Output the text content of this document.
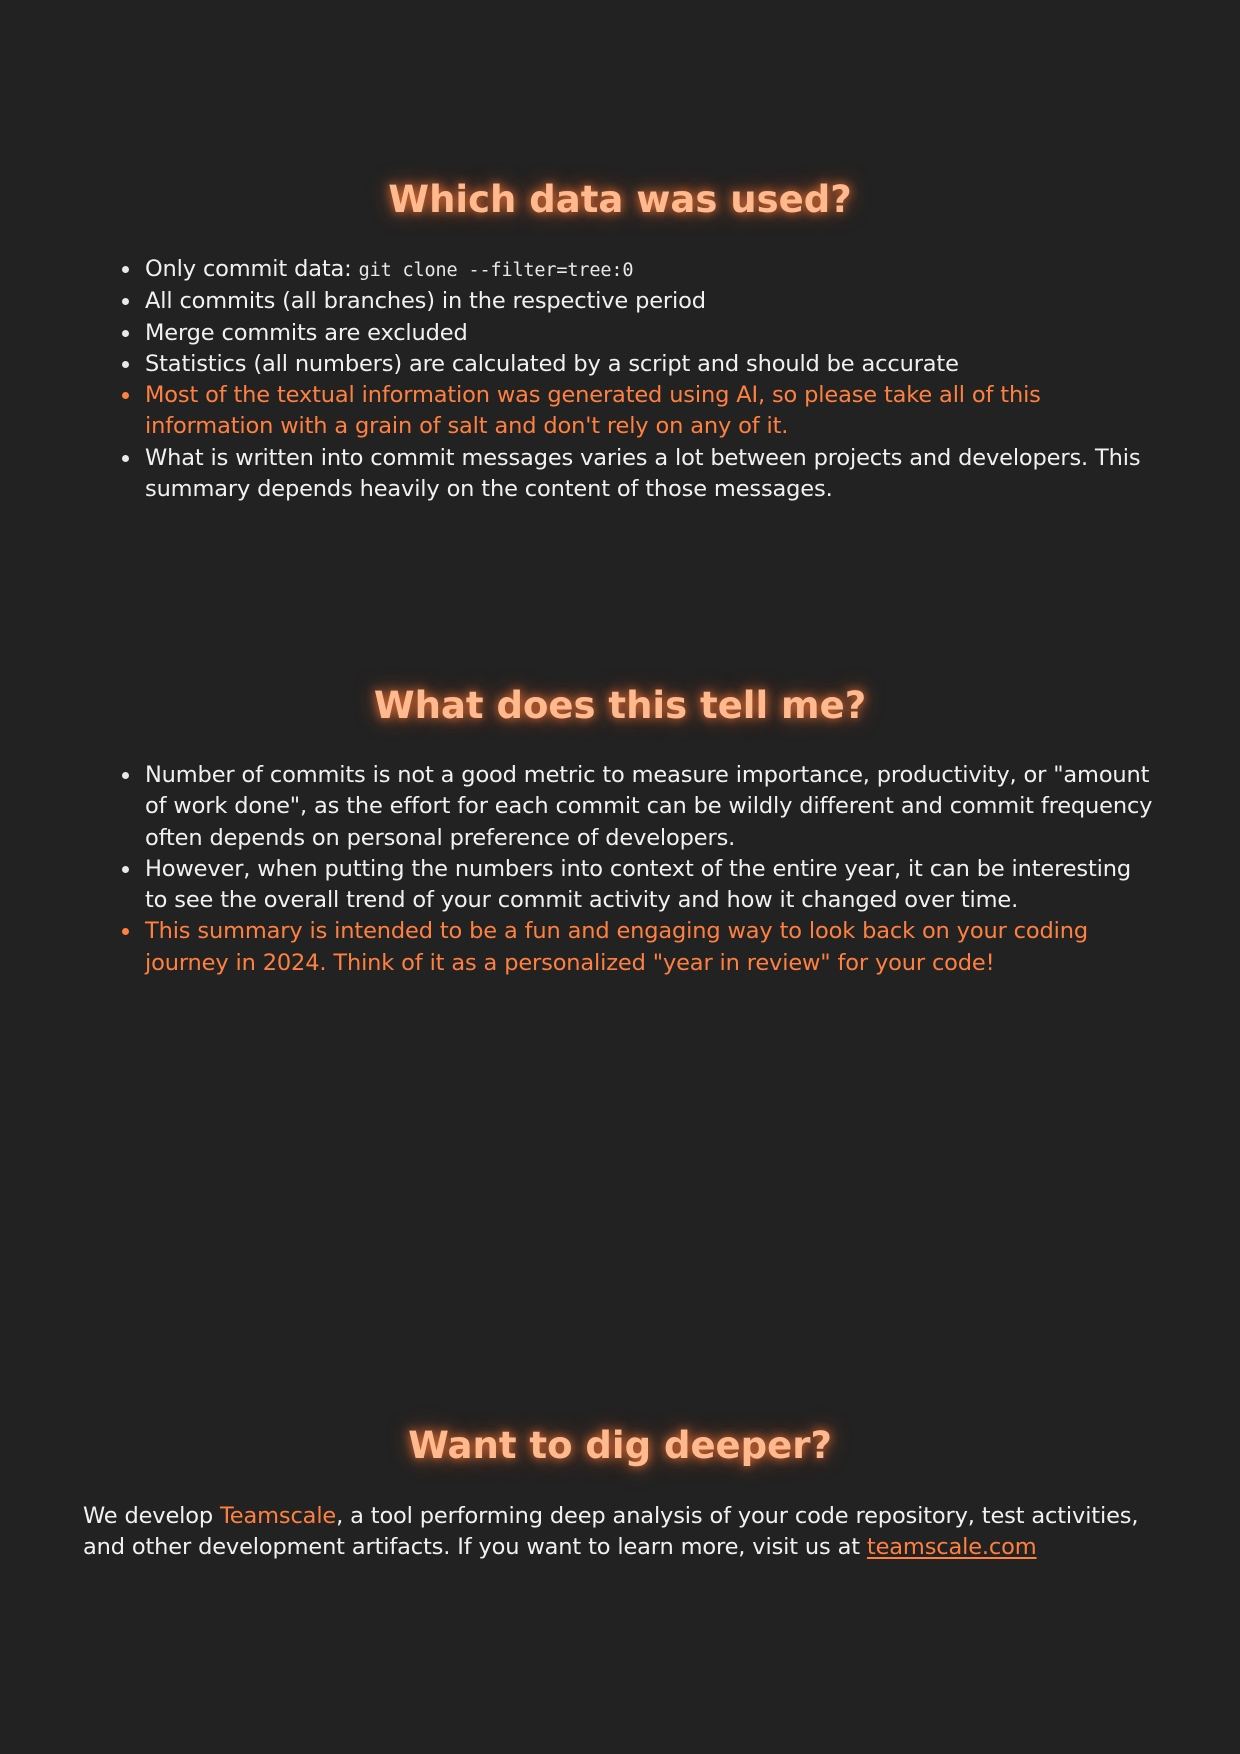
Which data was used?
Only commit data: git clone --filter=tree:0
All commits (all branches) in the respective period
Merge commits are excluded
Statistics (all numbers) are calculated by a script and should be accurate
Most of the textual information was generated using AI, so please take all of this information with a grain of salt and don't rely on any of it.
What is written into commit messages varies a lot between projects and developers. This summary depends heavily on the content of those messages.
What does this tell me?
Number of commits is not a good metric to measure importance, productivity, or "amount of work done", as the effort for each commit can be wildly different and commit frequency often depends on personal preference of developers.
However, when putting the numbers into context of the entire year, it can be interesting to see the overall trend of your commit activity and how it changed over time.
This summary is intended to be a fun and engaging way to look back on your coding journey in 2024. Think of it as a personalized "year in review" for your code!
Want to dig deeper?

We develop Teamscale, a tool performing deep analysis of your code repository, test activities, and other development artifacts. If you want to learn more, visit us at teamscale.com
